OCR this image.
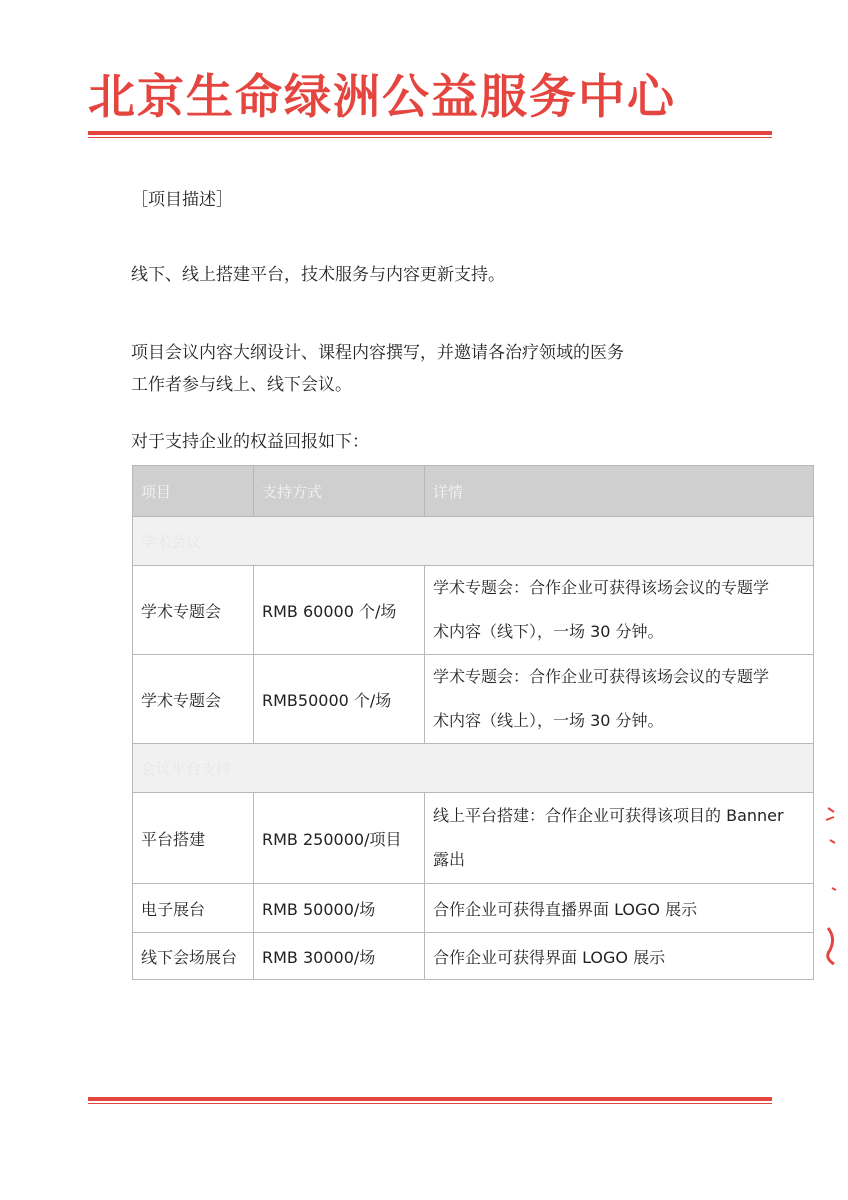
北京生命绿洲公益服务中心
［项目描述］
线下、线上搭建平台，技术服务与内容更新支持。
项目会议内容大纲设计、课程内容撰写，并邀请各治疗领域的医务
工作者参与线上、线下会议。
对于支持企业的权益回报如下：
项目	支持方式	详情
学术会议		
学术专题会	RMB 60000 个/场	学术专题会：合作企业可获得该场会议的专题学
术内容（线下），一场 30 分钟。

学术专题会	RMB50000 个/场	学术专题会：合作企业可获得该场会议的专题学
术内容（线上），一场 30 分钟。

会议平台支持		
平台搭建	RMB 250000/项目	线上平台搭建：合作企业可获得该项目的 Banner
露出

电子展台	RMB 50000/场	合作企业可获得直播界面 LOGO 展示
线下会场展台	RMB 30000/场	合作企业可获得界面 LOGO 展示
